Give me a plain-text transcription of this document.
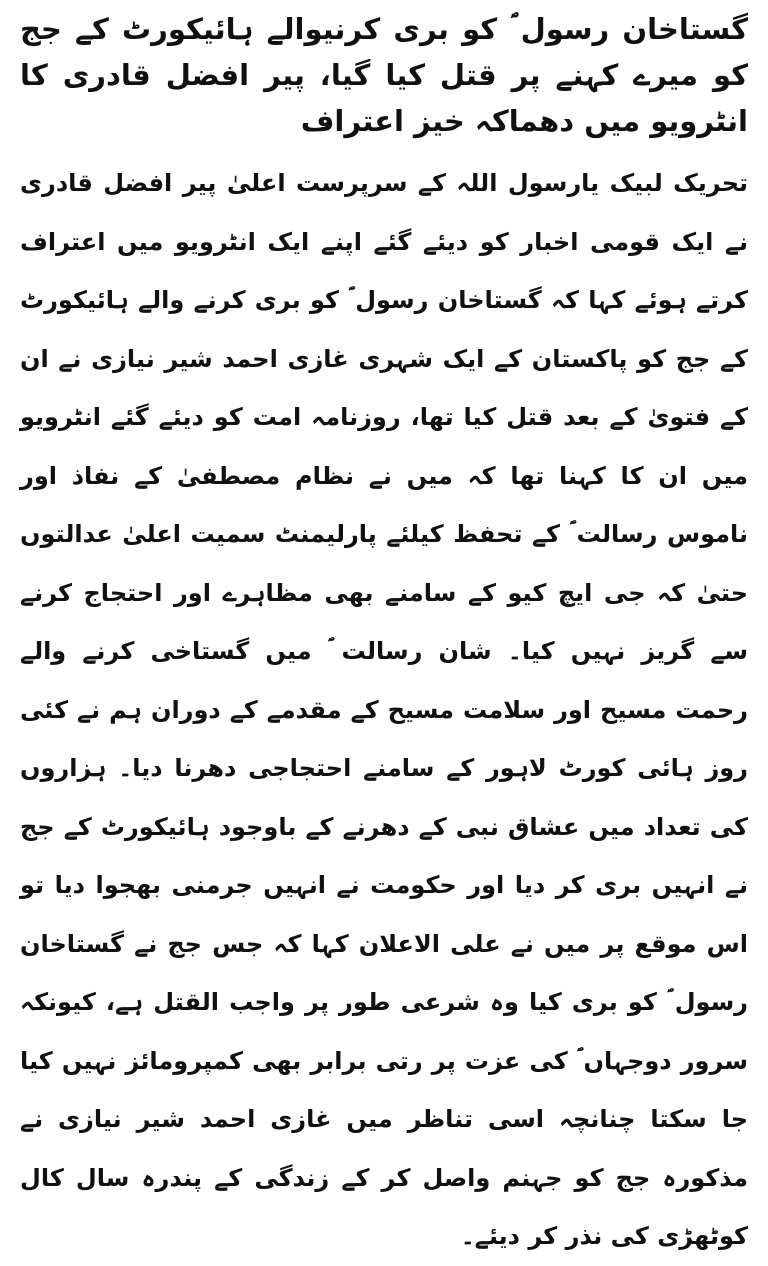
گستاخان رسول ؐ کو بری کرنیوالے ہائیکورٹ کے جج کو میرے کہنے پر قتل کیا گیا، پیر افضل قادری کا انٹرویو میں دھماکہ خیز اعتراف

تحریک لبیک یارسول اللہ کے سرپرست اعلیٰ پیر افضل قادری نے ایک قومی اخبار کو دیئے گئے اپنے ایک انٹرویو میں اعتراف کرتے ہوئے کہا کہ گستاخان رسول ؐ کو بری کرنے والے ہائیکورٹ کے جج کو پاکستان کے ایک شہری غازی احمد شیر نیازی نے ان کے فتویٰ کے بعد قتل کیا تھا، روزنامہ امت کو دیئے گئے انٹرویو میں ان کا کہنا تھا کہ میں نے نظام مصطفیٰ کے نفاذ اور ناموس رسالت ؐ کے تحفظ کیلئے پارلیمنٹ سمیت اعلیٰ عدالتوں حتیٰ کہ جی ایچ کیو کے سامنے بھی مظاہرے اور احتجاج کرنے سے گریز نہیں کیا۔ شان رسالت ؐ میں گستاخی کرنے والے رحمت مسیح اور سلامت مسیح کے مقدمے کے دوران ہم نے کئی روز ہائی کورٹ لاہور کے سامنے احتجاجی دھرنا دیا۔ ہزاروں کی تعداد میں عشاق نبی کے دھرنے کے باوجود ہائیکورٹ کے جج نے انہیں بری کر دیا اور حکومت نے انہیں جرمنی بھجوا دیا تو اس موقع پر میں نے علی الاعلان کہا کہ جس جج نے گستاخان رسول ؐ کو بری کیا وہ شرعی طور پر واجب القتل ہے، کیونکہ سرور دوجہاں ؐ کی عزت پر رتی برابر بھی کمپرومائز نہیں کیا جا سکتا چنانچہ اسی تناظر میں غازی احمد شیر نیازی نے مذکورہ جج کو جہنم واصل کر کے زندگی کے پندرہ سال کال کوٹھڑی کی نذر کر دیئے۔
